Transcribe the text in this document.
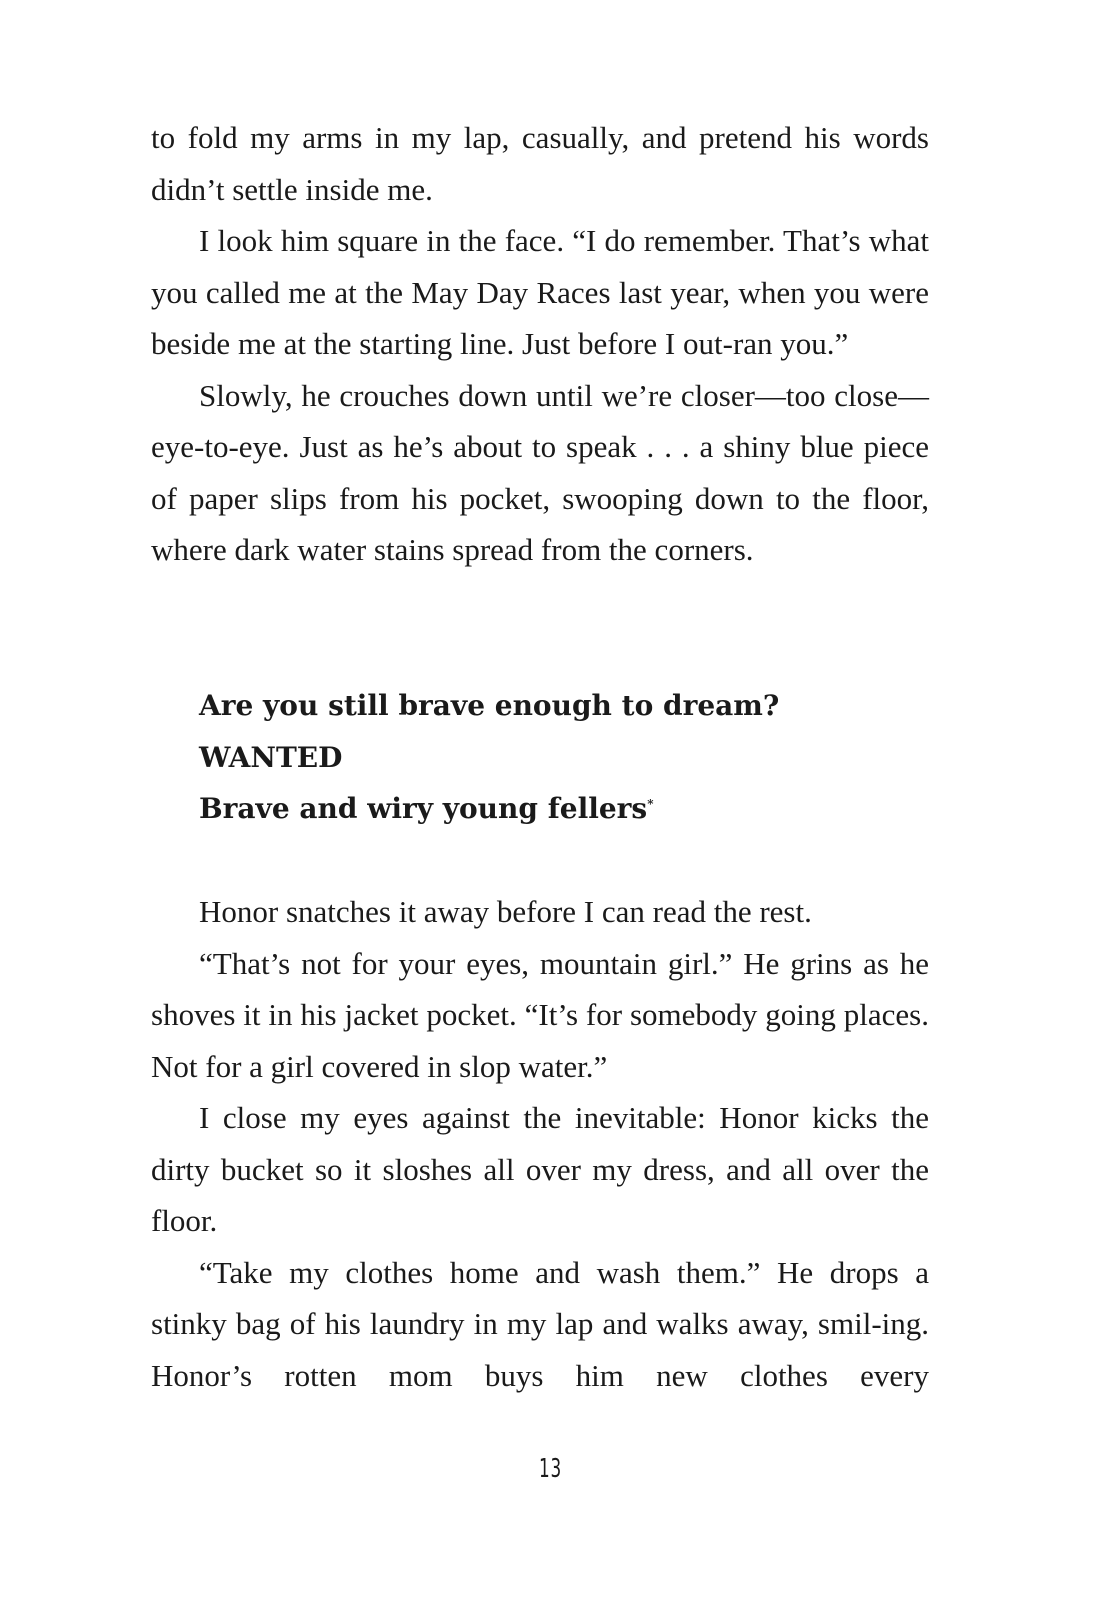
to fold my arms in my lap, casually, and pretend his words didn’t settle inside me.

I look him square in the face. “I do remember. That’s what you called me at the May Day Races last year, when you were beside me at the starting line. Just before I out-ran you.”

Slowly, he crouches down until we’re closer—too close—eye-to-eye. Just as he’s about to speak . . . a shiny blue piece of paper slips from his pocket, swooping down to the floor, where dark water stains spread from the corners.

Are you still brave enough to dream?
WANTED
Brave and wiry young fellers*

Honor snatches it away before I can read the rest.

“That’s not for your eyes, mountain girl.” He grins as he shoves it in his jacket pocket. “It’s for somebody going places. Not for a girl covered in slop water.”

I close my eyes against the inevitable: Honor kicks the dirty bucket so it sloshes all over my dress, and all over the floor.

“Take my clothes home and wash them.” He drops a stinky bag of his laundry in my lap and walks away, smil-ing. Honor’s rotten mom buys him new clothes every

13
